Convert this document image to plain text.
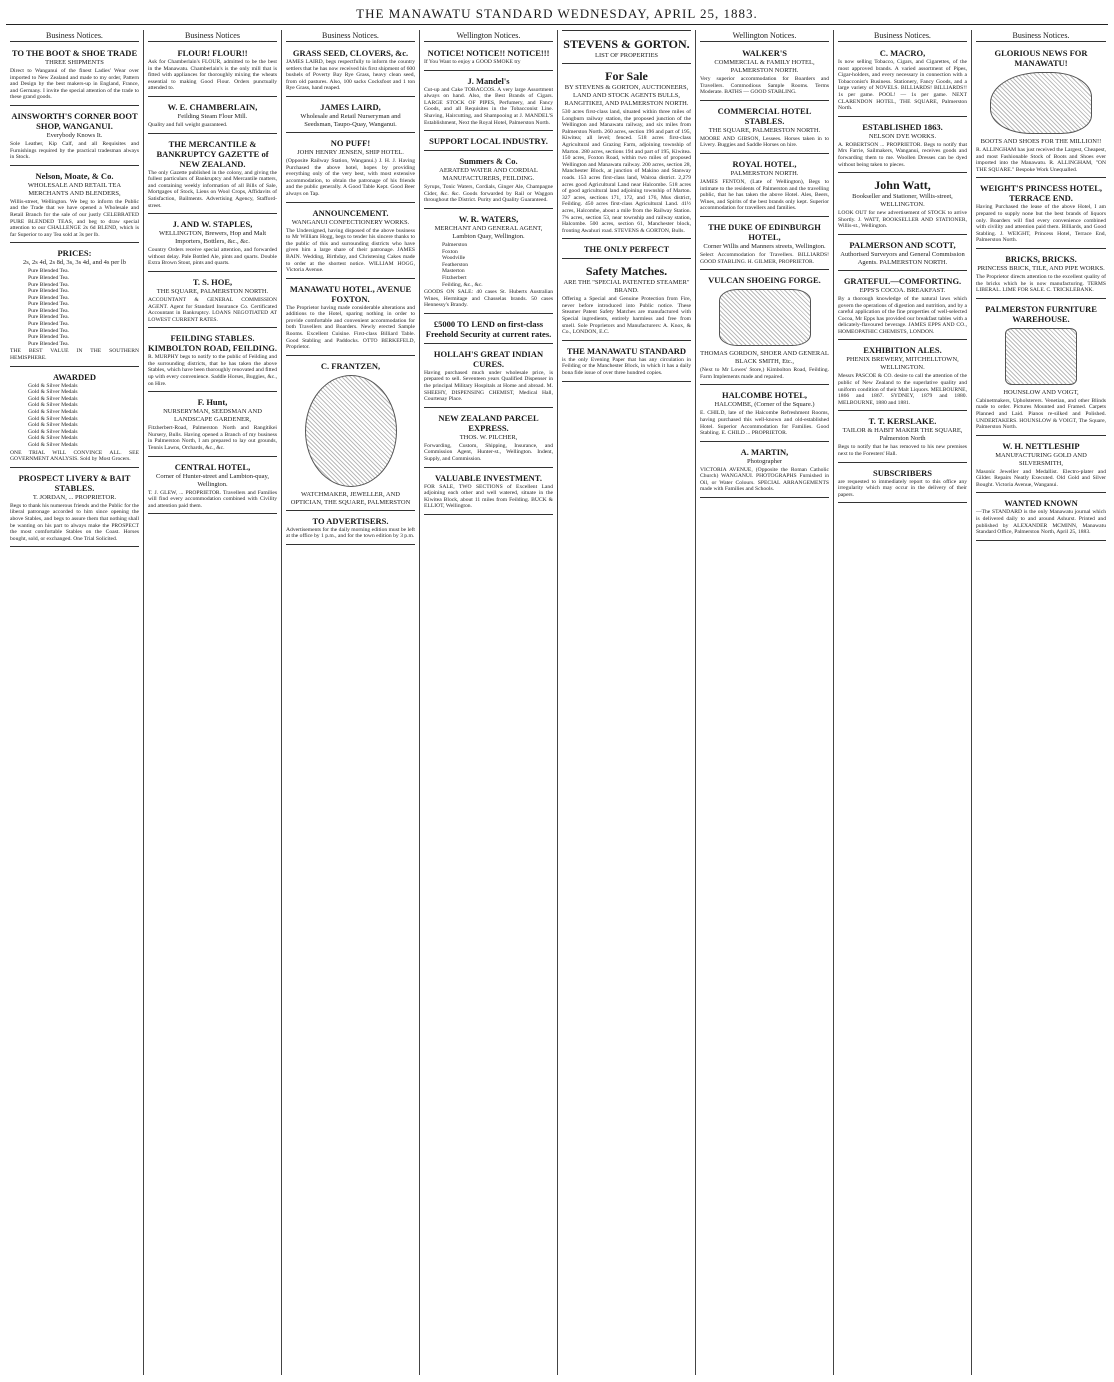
THE MANAWATU STANDARD WEDNESDAY, APRIL 25, 1883.
Business Notices.
TO THE BOOT & SHOE TRADE
THREE SHIPMENTS

Direct to Wanganui of the finest Ladies' Wear over imported to New Zealand and made to my order, Pattern and Design by the best makers-up in England, France, and Germany. I invite the special attention of the trade to these grand goods.

AINSWORTH'S CORNER BOOT SHOP, WANGANUI.
Everybody Knows It.

Sole Leather, Kip Calf, and all Requisites and Furnishings required by the practical tradesman always in Stock.

Nelson, Moate, & Co.
WHOLESALE AND RETAIL TEA MERCHANTS AND BLENDERS,

Willis-street, Wellington. We beg to inform the Public and the Trade that we have opened a Wholesale and Retail Branch for the sale of our justly CELEBRATED PURE BLENDED TEAS, and beg to draw special attention to our CHALLENGE 2s 6d BLEND, which is far Superior to any Tea sold at 3s per lb.

PRICES:
2s, 2s 4d, 2s 8d, 3s, 3s 4d, and 4s per lb
Pure Blended Tea.
Pure Blended Tea.
Pure Blended Tea.
Pure Blended Tea.
Pure Blended Tea.
Pure Blended Tea.
Pure Blended Tea.
Pure Blended Tea.
Pure Blended Tea.
Pure Blended Tea.
Pure Blended Tea.
Pure Blended Tea.

THE BEST VALUE IN THE SOUTHERN HEMISPHERE.

AWARDED
Gold & Silver Medals
Gold & Silver Medals
Gold & Silver Medals
Gold & Silver Medals
Gold & Silver Medals
Gold & Silver Medals
Gold & Silver Medals
Gold & Silver Medals
Gold & Silver Medals
Gold & Silver Medals

ONE TRIAL WILL CONVINCE ALL. SEE GOVERNMENT ANALYSIS. Sold by Most Grocers.

PROSPECT LIVERY & BAIT STABLES.
T. JORDAN, ... PROPRIETOR.

Begs to thank his numerous friends and the Public for the liberal patronage accorded to him since opening the above Stables, and begs to assure them that nothing shall be wanting on his part to always make the PROSPECT the most comfortable Stables on the Coast. Horses bought, sold, or exchanged. One Trial Solicited.

Business Notices
FLOUR! FLOUR!!

Ask for Chamberlain's FLOUR, admitted to be the best in the Manawatu. Chamberlain's is the only mill that is fitted with appliances for thoroughly mixing the wheats essential to making Good Flour. Orders punctually attended to.

W. E. CHAMBERLAIN,
Feilding Steam Flour Mill.

Quality and full weight guaranteed.

THE MERCANTILE & BANKRUPTCY GAZETTE of NEW ZEALAND.

The only Gazette published in the colony, and giving the fullest particulars of Bankruptcy and Mercantile matters, and containing weekly information of all Bills of Sale, Mortgages of Stock, Liens on Wool Crops, Affidavits of Satisfaction, Bailments. Advertising Agency, Stafford-street.

J. AND W. STAPLES,
WELLINGTON, Brewers, Hop and Malt Importers, Bottlers, &c., &c.

Country Orders receive special attention, and forwarded without delay. Pale Bottled Ale, pints and quarts. Double Extra Brown Stout, pints and quarts.

T. S. HOE,
THE SQUARE, PALMERSTON NORTH.

ACCOUNTANT & GENERAL COMMISSION AGENT. Agent for Standard Insurance Co. Certificated Accountant in Bankruptcy. LOANS NEGOTIATED AT LOWEST CURRENT RATES.

FEILDING STABLES. KIMBOLTON ROAD, FEILDING.

R. MURPHY begs to notify to the public of Feilding and the surrounding districts, that he has taken the above Stables, which have been thoroughly renovated and fitted up with every convenience. Saddle Horses, Buggies, &c., on Hire.

F. Hunt,
NURSERYMAN, SEEDSMAN AND LANDSCAPE GARDENER,

Fitzherbert-Road, Palmerston North and Rangitikei Nursery, Bulls. Having opened a Branch of my business in Palmerston North, I am prepared to lay out grounds, Tennis Lawns, Orchards, &c., &c.

CENTRAL HOTEL,
Corner of Hunter-street and Lambton-quay, Wellington.

T. J. GLEW, ... PROPRIETOR. Travellers and Families will find every accommodation combined with Civility and attention paid them.

Business Notices.
GRASS SEED, CLOVERS, &c.

JAMES LAIRD, begs respectfully to inform the country settlers that he has now received his first shipment of 600 bushels of Poverty Bay Rye Grass, heavy clean seed, from old pastures. Also, 100 sacks Cocksfoot and 1 ton Rye Grass, hand reaped.

JAMES LAIRD,
Wholesale and Retail Nurseryman and Seedsman, Taupo-Quay, Wanganui.
NO PUFF!
JOHN HENRY JENSEN, SHIP HOTEL.

(Opposite Railway Station, Wanganui.) J. H. J. Having Purchased the above hotel, hopes by providing everything only of the very best, with most extensive accommodation, to obtain the patronage of his friends and the public generally. A Good Table Kept. Good Beer always on Tap.

ANNOUNCEMENT.
WANGANUI CONFECTIONERY WORKS.

The Undersigned, having disposed of the above business to Mr William Hogg, begs to tender his sincere thanks to the public of this and surrounding districts who have given him a large share of their patronage. JAMES BAIN. Wedding, Birthday, and Christening Cakes made to order at the shortest notice. WILLIAM HOGG, Victoria Avenue.

MANAWATU HOTEL, AVENUE FOXTON.

The Proprietor having made considerable alterations and additions to the Hotel, sparing nothing in order to provide comfortable and convenient accommodation for both Travellers and Boarders. Newly erected Sample Rooms. Excellent Cuisine. First-class Billiard Table. Good Stabling and Paddocks. OTTO BERKEFELD, Proprietor.

C. FRANTZEN,
WATCHMAKER, JEWELLER, AND OPTICIAN, THE SQUARE, PALMERSTON
TO ADVERTISERS.

Advertisements for the daily morning edition must be left at the office by 1 p.m., and for the town edition by 3 p.m.

Wellington Notices.
NOTICE! NOTICE!! NOTICE!!!

If You Want to enjoy a GOOD SMOKE try

J. Mandel's

Cut-up and Cake TOBACCOS. A very large Assortment always on hand. Also, the Best Brands of Cigars. LARGE STOCK OF PIPES, Perfumery, and Fancy Goods, and all Requisites in the Tobacconist Line. Shaving, Haircutting, and Shampooing at J. MANDEL'S Establishment, Next the Royal Hotel, Palmerston North.

SUPPORT LOCAL INDUSTRY.
Summers & Co.
AERATED WATER AND CORDIAL MANUFACTURERS, FEILDING.

Syrups, Tonic Waters, Cordials, Ginger Ale, Champagne Cider, &c. &c. Goods forwarded by Rail or Waggon throughout the District. Purity and Quality Guaranteed.

W. R. WATERS,
MERCHANT AND GENERAL AGENT, Lambton Quay, Wellington.
Palmerston
Foxton
Woodville
Featherston
Masterton
Fitzherbert
Feilding, &c., &c.

GOODS ON SALE: 40 cases St. Huberts Australian Wines, Hermitage and Chasselas brands. 50 cases Hennessy's Brandy.

£5000 TO LEND on first-class Freehold Security at current rates.
HOLLAH'S GREAT INDIAN CURES.

Having purchased much under wholesale price, is prepared to sell. Seventeen years Qualified Dispenser in the principal Military Hospitals at Home and abroad. M. SHEEHY, DISPENSING CHEMIST, Medical Hall, Courtenay Place.

NEW ZEALAND PARCEL EXPRESS.
THOS. W. PILCHER,

Forwarding, Custom, Shipping, Insurance, and Commission Agent, Hunter-st., Wellington. Indent, Supply, and Commission.

VALUABLE INVESTMENT.

FOR SALE, TWO SECTIONS of Excellent Land adjoining each other and well watered, situate in the Kiwitea Block, about 11 miles from Feilding. BUCK & ELLIOT, Wellington.

STEVENS & GORTON.
LIST OF PROPERTIES
For Sale
BY STEVENS & GORTON, AUCTIONEERS, LAND AND STOCK AGENTS BULLS, RANGITIKEI, AND PALMERSTON NORTH.

530 acres first-class land, situated within three miles of Longburn railway station, the proposed junction of the Wellington and Manawatu railway, and six miles from Palmerston North. 260 acres, section 196 and part of 195, Kiwitea; all level; fenced. 518 acres first-class Agricultural and Grazing Farm, adjoining township of Marton. 280 acres, sections 194 and part of 195, Kiwitea. 150 acres, Foxton Road, within two miles of proposed Wellington and Manawatu railway. 200 acres, section 28, Manchester Block, at junction of Makino and Stanway roads. 153 acres first-class land, Wairoa district. 2,279 acres good Agricultural Land near Halcombe. 518 acres of good agricultural land adjoining township of Marton. 327 acres, sections 171, 172, and 176, Mus district, Feilding. 450 acres first-class Agricultural Land. 41½ acres, Halcombe, about a mile from the Railway Station. 7¾ acres, section 53, near township and railway station, Halcombe. 500 acres, section 61, Manchester block, fronting Awahuri road. STEVENS & GORTON, Bulls.

THE ONLY PERFECT
Safety Matches.
ARE THE "SPECIAL PATENTED STEAMER" BRAND.

Offering a Special and Genuine Protection from Fire, never before introduced into Public notice. These Steamer Patent Safety Matches are manufactured with Special ingredients, entirely harmless and free from smell. Sole Proprietors and Manufacturers: A. Knox, & Co., LONDON, E.C.

THE MANAWATU STANDARD

is the only Evening Paper that has any circulation in Feilding or the Manchester Block, in which it has a daily bona fide issue of over three hundred copies.

Wellington Notices.
WALKER'S
COMMERCIAL & FAMILY HOTEL, PALMERSTON NORTH.

Very superior accommodation for Boarders and Travellers. Commodious Sample Rooms. Terms Moderate. BATHS — GOOD STABLING.

COMMERCIAL HOTEL STABLES.
THE SQUARE, PALMERSTON NORTH.

MOORE AND GIBSON, Lessees. Horses taken in to Livery. Buggies and Saddle Horses on hire.

ROYAL HOTEL,
PALMERSTON NORTH.

JAMES FENTON, (Late of Wellington), Begs to intimate to the residents of Palmerston and the travelling public, that he has taken the above Hotel. Ales, Beers, Wines, and Spirits of the best brands only kept. Superior accommodation for travellers and families.

THE DUKE OF EDINBURGH HOTEL,
Corner Willis and Manners streets, Wellington.

Select Accommodation for Travellers. BILLIARDS! GOOD STABLING. H. GILMER, PROPRIETOR.

VULCAN SHOEING FORGE.
THOMAS GORDON, SHOER AND GENERAL BLACK SMITH, Etc.,

(Next to Mr Lowes' Store,) Kimbolton Road, Feilding. Farm Implements made and repaired.

HALCOMBE HOTEL,
HALCOMBE, (Corner of the Square.)

E. CHILD, late of the Halcombe Refreshment Rooms, having purchased this well-known and old-established Hotel. Superior Accommodation for Families. Good Stabling. E. CHILD ... PROPRIETOR.

A. MARTIN,
Photographer

VICTORIA AVENUE, (Opposite the Roman Catholic Church) WANGANUI. PHOTOGRAPHS Furnished in Oil, or Water Colours. SPECIAL ARRANGEMENTS made with Families and Schools.

Business Notices.
C. MACRO,

Is now selling Tobacco, Cigars, and Cigarettes, of the most approved brands. A varied assortment of Pipes, Cigar-holders, and every necessary in connection with a Tobacconist's Business. Stationery, Fancy Goods, and a large variety of NOVELS. BILLIARDS! BILLIARDS!! 1s per game. POOL! — 1s per game. NEXT CLARENDON HOTEL, THE SQUARE, Palmerston North.

ESTABLISHED 1863.
NELSON DYE WORKS.

A. ROBERTSON ... PROPRIETOR. Begs to notify that Mrs Farrie, Sailmakers, Wanganui, receives goods and forwarding them to me. Woollen Dresses can be dyed without being taken to pieces.

John Watt,
Bookseller and Stationer, Willis-street, WELLINGTON.

LOOK OUT for new advertisement of STOCK to arrive Shortly. J. WATT, BOOKSELLER AND STATIONER, Willis-st., Wellington.

PALMERSON AND SCOTT,
Authorised Surveyors and General Commission Agents. PALMERSTON NORTH.
GRATEFUL—COMFORTING.
EPPS'S COCOA. BREAKFAST.

By a thorough knowledge of the natural laws which govern the operations of digestion and nutrition, and by a careful application of the fine properties of well-selected Cocoa, Mr Epps has provided our breakfast tables with a delicately-flavoured beverage. JAMES EPPS AND CO., HOMEOPATHIC CHEMISTS, LONDON.

EXHIBITION ALES.
PHENIX BREWERY, MITCHELLTOWN, WELLINGTON.

Messrs PASCOE & CO. desire to call the attention of the public of New Zealand to the superlative quality and uniform condition of their Malt Liquors. MELBOURNE, 1866 and 1867. SYDNEY, 1879 and 1880. MELBOURNE, 1880 and 1881.

T. T. KERSLAKE.
TAILOR & HABIT MAKER THE SQUARE, Palmerston North

Begs to notify that he has removed to his new premises next to the Foresters' Hall.

SUBSCRIBERS

are requested to immediately report to this office any irregularity which may occur in the delivery of their papers.

Business Notices.
GLORIOUS NEWS FOR MANAWATU!
BOOTS AND SHOES FOR THE MILLION!!

R. ALLINGHAM has just received the Largest, Cheapest, and most Fashionable Stock of Boots and Shoes ever imported into the Manawatu. R. ALLINGHAM, "ON THE SQUARE." Bespoke Work Unequalled.

WEIGHT'S PRINCESS HOTEL, TERRACE END.

Having Purchased the lease of the above Hotel, I am prepared to supply none but the best brands of liquors only. Boarders will find every convenience combined with civility and attention paid them. Billiards, and Good Stabling. J. WEIGHT, Princess Hotel, Terrace End, Palmerston North.

BRICKS, BRICKS.
PRINCESS BRICK, TILE, AND PIPE WORKS.

The Proprietor directs attention to the excellent quality of the bricks which he is now manufacturing. TERMS LIBERAL. LIME FOR SALE. C. TRICKLEBANK.

PALMERSTON FURNITURE WAREHOUSE.
HOUNSLOW AND VOIGT,

Cabinetmakers, Upholsterers. Venetian, and other Blinds made to order. Pictures Mounted and Framed. Carpets Planned and Laid. Pianos re-silked and Polished. UNDERTAKERS. HOUNSLOW & VOIGT, The Square, Palmerston North.

W. H. NETTLESHIP
MANUFACTURING GOLD AND SILVERSMITH,

Masonic Jeweller and Medallist. Electro-plater and Gilder. Repairs Neatly Executed. Old Gold and Silver Bought. Victoria Avenue, Wanganui.

WANTED KNOWN

—The STANDARD is the only Manawatu journal which is delivered daily to and around Ashurst. Printed and published by ALEXANDER MCMINN, Manawatu Standard Office, Palmerston North, April 25, 1883.
